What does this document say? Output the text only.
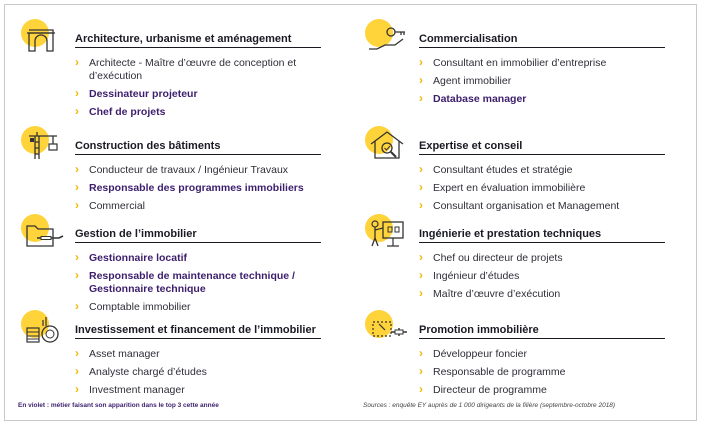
Architecture, urbanisme et aménagement
› Architecte - Maître d’œuvre de conception et d’exécution
› Dessinateur projeteur
› Chef de projets
Construction des bâtiments
› Conducteur de travaux / Ingénieur Travaux
› Responsable des programmes immobiliers
› Commercial
Gestion de l’immobilier
› Gestionnaire locatif
› Responsable de maintenance technique / Gestionnaire technique
› Comptable immobilier
Investissement et financement de l’immobilier
› Asset manager
› Analyste chargé d’études
› Investment manager
Commercialisation
› Consultant en immobilier d’entreprise
› Agent immobilier
› Database manager
Expertise et conseil
› Consultant études et stratégie
› Expert en évaluation immobilière
› Consultant organisation et Management
Ingénierie et prestation techniques
› Chef ou directeur de projets
› Ingénieur d’études
› Maître d’œuvre d’exécution
Promotion immobilière
› Développeur foncier
› Responsable de programme
› Directeur de programme
En violet : métier faisant son apparition dans le top 3 cette année	Sources : enquête EY auprès de 1 000 dirigeants de la filière (septembre-octobre 2018)
